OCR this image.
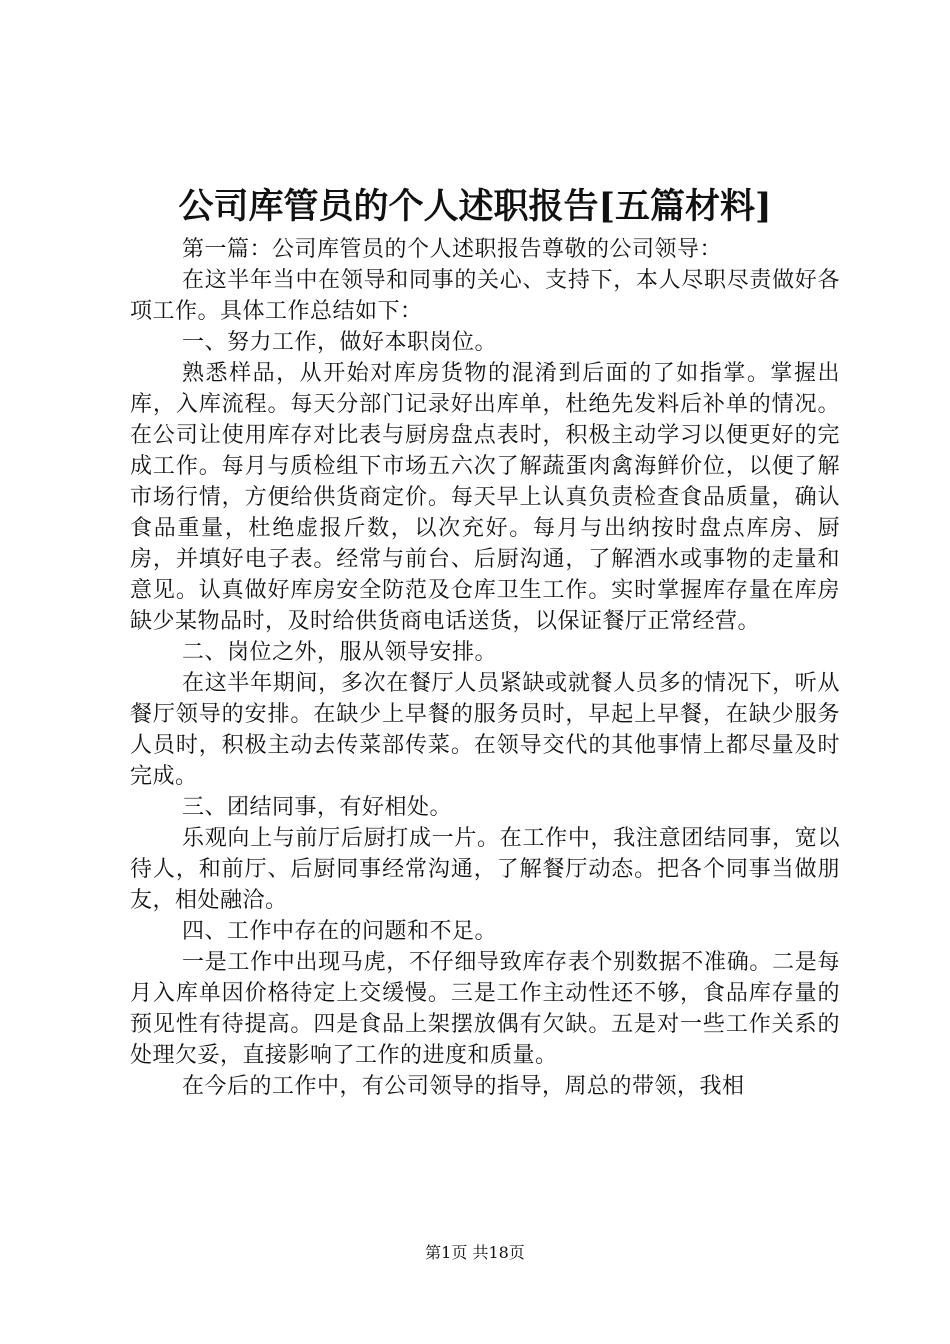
公司库管员的个人述职报告[五篇材料]

第一篇：公司库管员的个人述职报告尊敬的公司领导：

在这半年当中在领导和同事的关心、支持下，本人尽职尽责做好各项工作。具体工作总结如下：

一、努力工作，做好本职岗位。

熟悉样品，从开始对库房货物的混淆到后面的了如指掌。掌握出库，入库流程。每天分部门记录好出库单，杜绝先发料后补单的情况。在公司让使用库存对比表与厨房盘点表时，积极主动学习以便更好的完成工作。每月与质检组下市场五六次了解蔬蛋肉禽海鲜价位，以便了解市场行情，方便给供货商定价。每天早上认真负责检查食品质量，确认食品重量，杜绝虚报斤数，以次充好。每月与出纳按时盘点库房、厨房，并填好电子表。经常与前台、后厨沟通，了解酒水或事物的走量和意见。认真做好库房安全防范及仓库卫生工作。实时掌握库存量在库房缺少某物品时，及时给供货商电话送货，以保证餐厅正常经营。

二、岗位之外，服从领导安排。

在这半年期间，多次在餐厅人员紧缺或就餐人员多的情况下，听从餐厅领导的安排。在缺少上早餐的服务员时，早起上早餐，在缺少服务人员时，积极主动去传菜部传菜。在领导交代的其他事情上都尽量及时完成。

三、团结同事，有好相处。

乐观向上与前厅后厨打成一片。在工作中，我注意团结同事，宽以待人，和前厅、后厨同事经常沟通，了解餐厅动态。把各个同事当做朋友，相处融洽。

四、工作中存在的问题和不足。

一是工作中出现马虎，不仔细导致库存表个别数据不准确。二是每月入库单因价格待定上交缓慢。三是工作主动性还不够，食品库存量的预见性有待提高。四是食品上架摆放偶有欠缺。五是对一些工作关系的处理欠妥，直接影响了工作的进度和质量。

在今后的工作中，有公司领导的指导，周总的带领，我相

第1页 共18页
